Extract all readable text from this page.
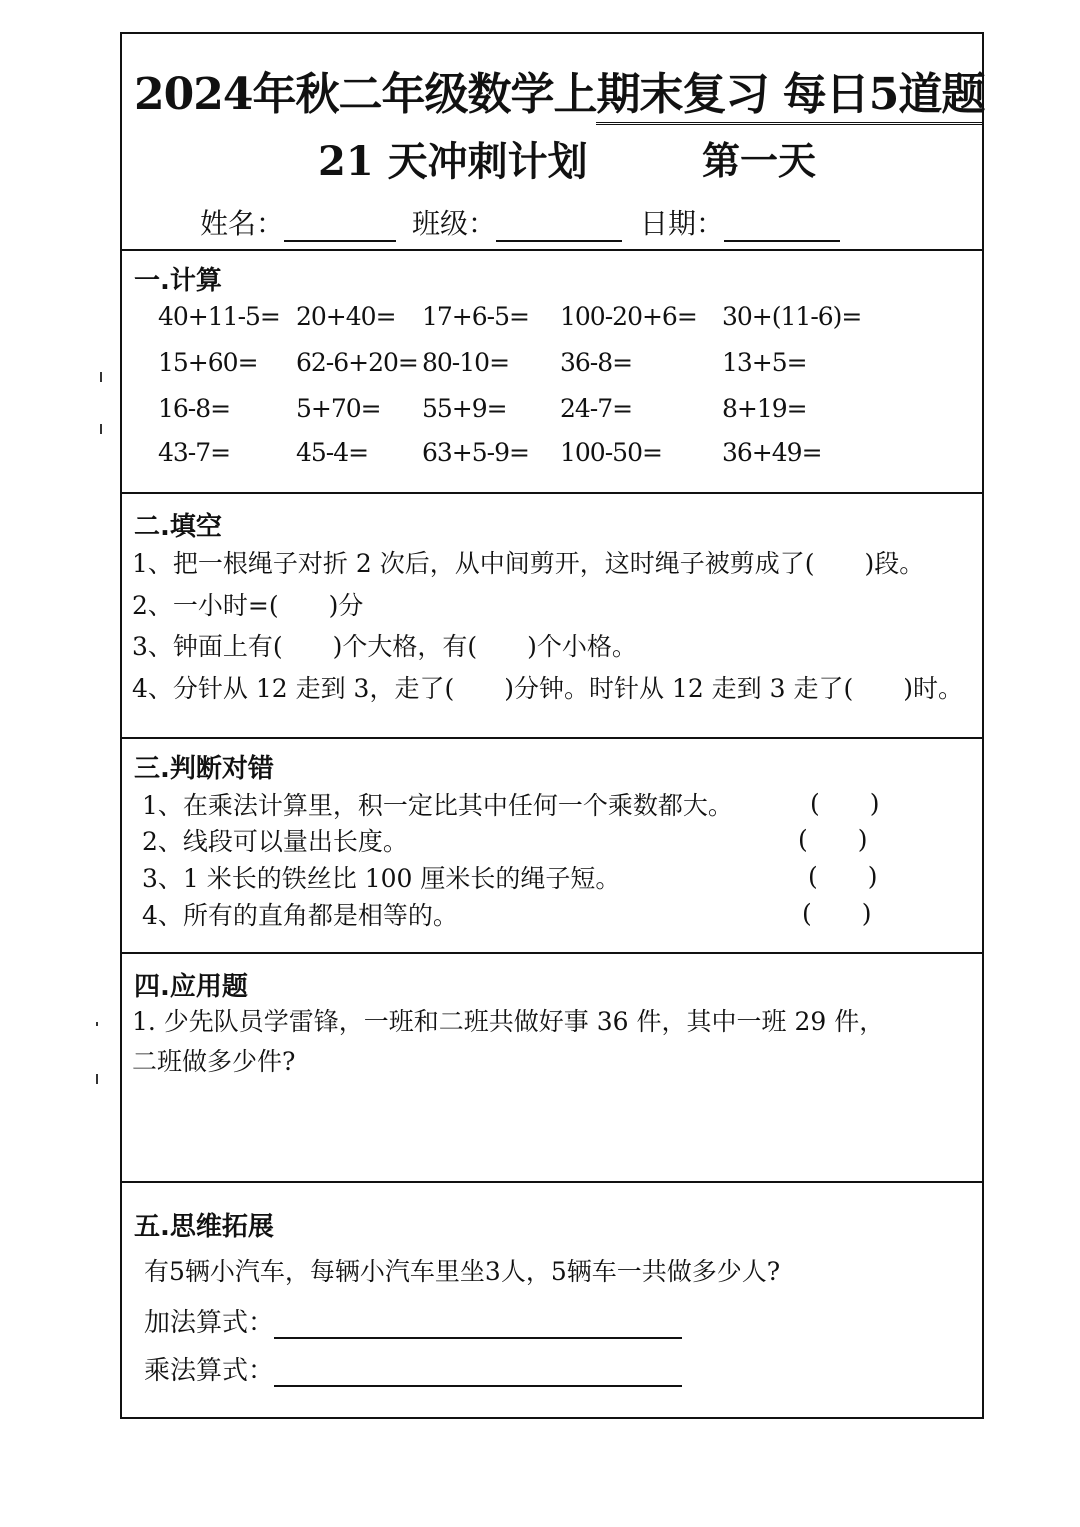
2024年秋二年级数学上期末复习 每日5道题
21 天冲刺计划	第一天
姓名：	班级：	日期：
一.计算
40+11-5= 20+40= 17+6-5= 100-20+6= 30+(11-6)=
15+60= 62-6+20= 80-10= 36-8=	13+5=
16-8=	5+70= 55+9= 24-7=	8+19=
43-7=	45-4= 63+5-9= 100-50= 36+49=
二.填空
1、把一根绳子对折 2 次后，从中间剪开，这时绳子被剪成了(　　)段。
2、一小时=(　　)分
3、钟面上有(　　)个大格，有(　　)个小格。
4、分针从 12 走到 3，走了(　　)分钟。时针从 12 走到 3 走了(　　)时。
三.判断对错
1、在乘法计算里，积一定比其中任何一个乘数都大。	(　　)
2、线段可以量出长度。	(　　)
3、1 米长的铁丝比 100 厘米长的绳子短。	(　　)
4、所有的直角都是相等的。	(　　)
四.应用题
1. 少先队员学雷锋，一班和二班共做好事 36 件，其中一班 29 件，
二班做多少件?
五.思维拓展
有5辆小汽车，每辆小汽车里坐3人，5辆车一共做多少人?
加法算式：
乘法算式：
